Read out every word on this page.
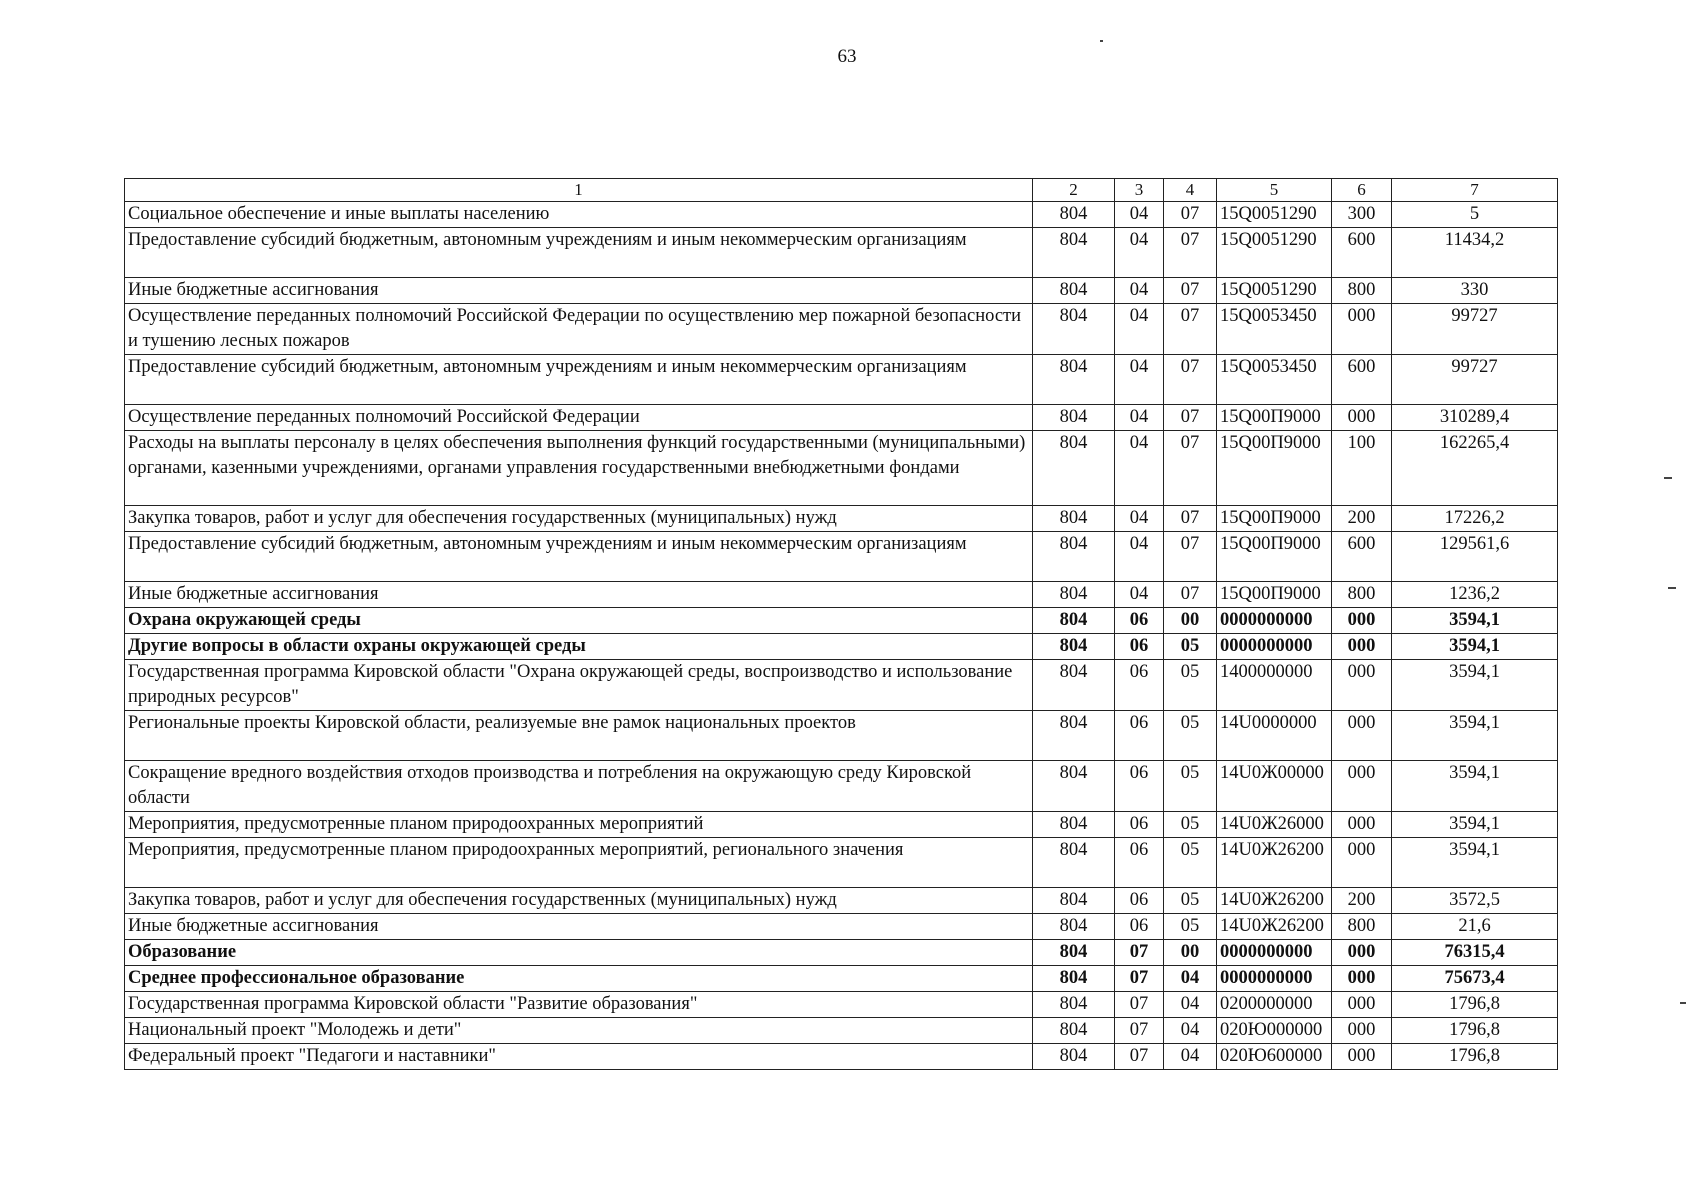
63
1	2	3	4	5	6	7
Социальное обеспечение и иные выплаты населению	804	04	07	15Q0051290	300	5
Предоставление субсидий бюджетным, автономным учреждениям и иным некоммерческим организациям	804	04	07	15Q0051290	600	11434,2
Иные бюджетные ассигнования	804	04	07	15Q0051290	800	330
Осуществление переданных полномочий Российской Федерации по осуществлению мер пожарной безопасности и тушению лесных пожаров	804	04	07	15Q0053450	000	99727
Предоставление субсидий бюджетным, автономным учреждениям и иным некоммерческим организациям	804	04	07	15Q0053450	600	99727
Осуществление переданных полномочий Российской Федерации	804	04	07	15Q00П9000	000	310289,4
Расходы на выплаты персоналу в целях обеспечения выполнения функций государственными (муниципальными) органами, казенными учреждениями, органами управления государственными внебюджетными фондами	804	04	07	15Q00П9000	100	162265,4
Закупка товаров, работ и услуг для обеспечения государственных (муниципальных) нужд	804	04	07	15Q00П9000	200	17226,2
Предоставление субсидий бюджетным, автономным учреждениям и иным некоммерческим организациям	804	04	07	15Q00П9000	600	129561,6
Иные бюджетные ассигнования	804	04	07	15Q00П9000	800	1236,2
Охрана окружающей среды	804	06	00	0000000000	000	3594,1
Другие вопросы в области охраны окружающей среды	804	06	05	0000000000	000	3594,1
Государственная программа Кировской области "Охрана окружающей среды, воспроизводство и использование природных ресурсов"	804	06	05	1400000000	000	3594,1
Региональные проекты Кировской области, реализуемые вне рамок национальных проектов	804	06	05	14U0000000	000	3594,1
Сокращение вредного воздействия отходов производства и потребления на окружающую среду Кировской области	804	06	05	14U0Ж00000	000	3594,1
Мероприятия, предусмотренные планом природоохранных мероприятий	804	06	05	14U0Ж26000	000	3594,1
Мероприятия, предусмотренные планом природоохранных мероприятий, регионального значения	804	06	05	14U0Ж26200	000	3594,1
Закупка товаров, работ и услуг для обеспечения государственных (муниципальных) нужд	804	06	05	14U0Ж26200	200	3572,5
Иные бюджетные ассигнования	804	06	05	14U0Ж26200	800	21,6
Образование	804	07	00	0000000000	000	76315,4
Среднее профессиональное образование	804	07	04	0000000000	000	75673,4
Государственная программа Кировской области "Развитие образования"	804	07	04	0200000000	000	1796,8
Национальный проект "Молодежь и дети"	804	07	04	020Ю000000	000	1796,8
Федеральный проект "Педагоги и наставники"	804	07	04	020Ю600000	000	1796,8
